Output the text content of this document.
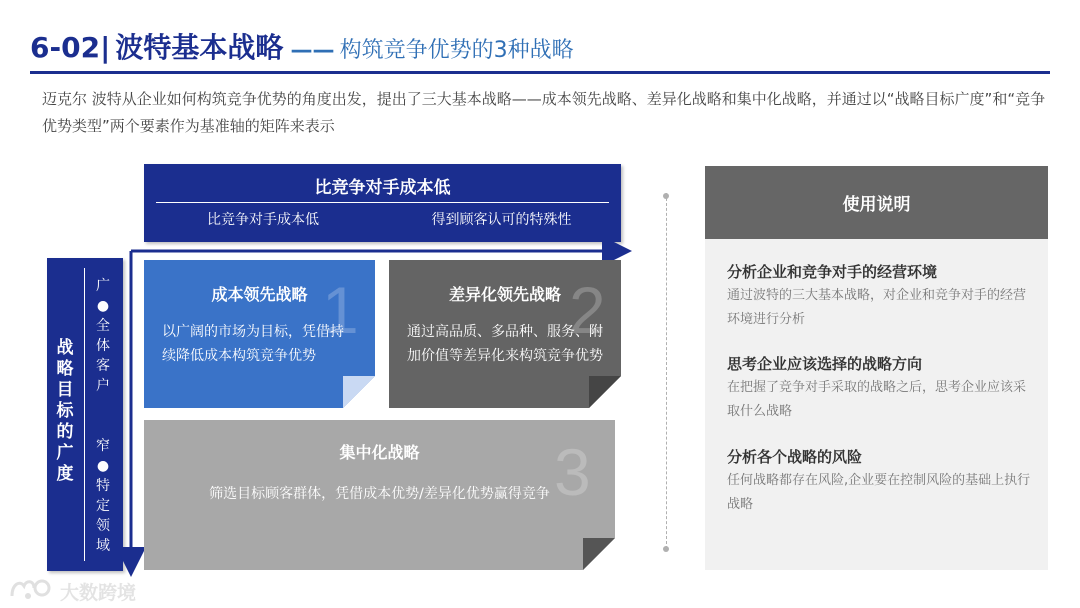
6-02| 波特基本战略 —— 构筑竞争优势的3种战略
迈克尔 波特从企业如何构筑竞争优势的角度出发，提出了三大基本战略——成本领先战略、差异化战略和集中化战略，并通过以“战略目标广度”和“竞争优势类型”两个要素作为基准轴的矩阵来表示
比竞争对手成本低
比竞争对手成本低	得到顾客认可的特殊性
战
略
目
标
的
广
度
广
●
全
体
客
户
窄
●
特
定
领
域
1
成本领先战略
以广阔的市场为目标，凭借持续降低成本构筑竞争优势
2
差异化领先战略
通过高品质、多品种、服务、附加价值等差异化来构筑竞争优势
3
集中化战略
筛选目标顾客群体，凭借成本优势/差异化优势赢得竞争
使用说明
分析企业和竞争对手的经营环境
通过波特的三大基本战略，对企业和竞争对手的经营环境进行分析
思考企业应该选择的战略方向
在把握了竞争对手采取的战略之后，思考企业应该采取什么战略
分析各个战略的风险
任何战略都存在风险,企业要在控制风险的基础上执行战略
大数跨境
